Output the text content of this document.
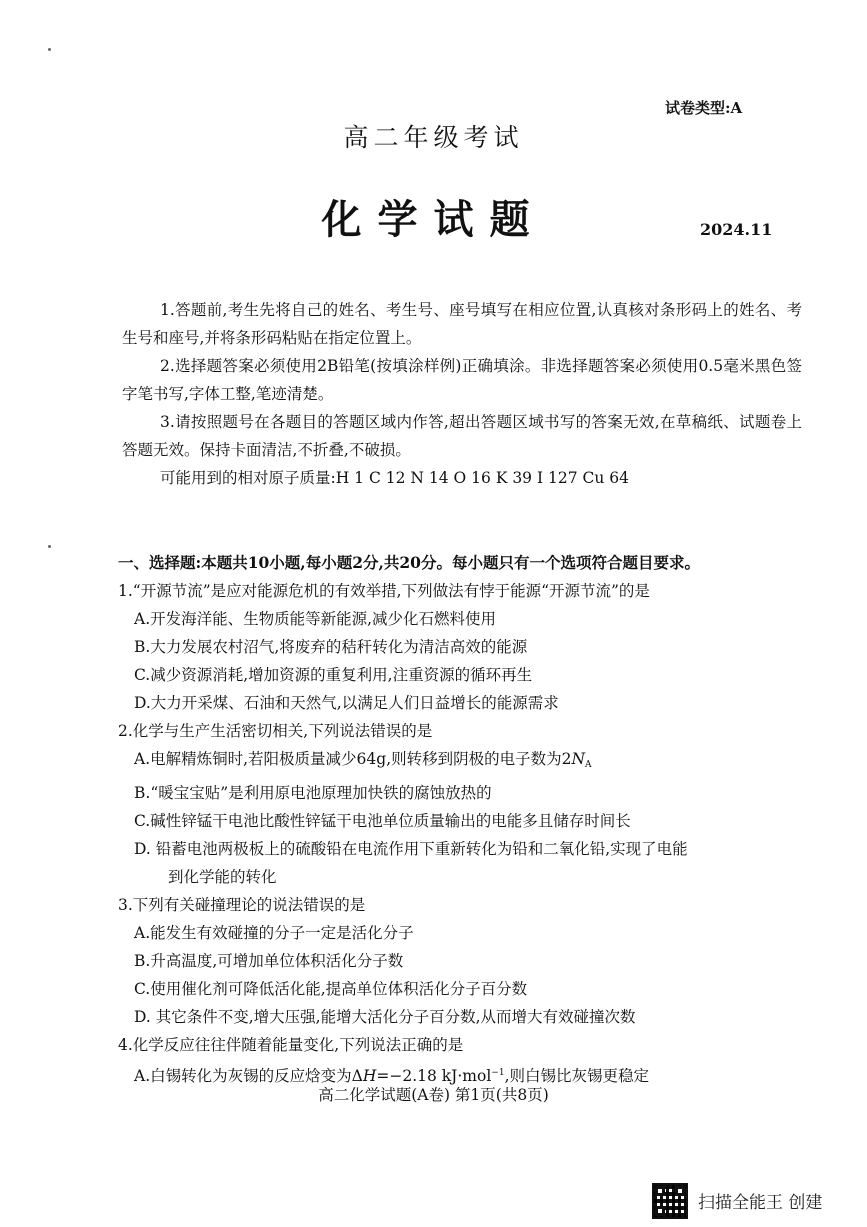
试卷类型:A
高二年级考试
化学试题	2024.11

1.答题前,考生先将自己的姓名、考生号、座号填写在相应位置,认真核对条形码上的姓名、考生号和座号,并将条形码粘贴在指定位置上。

2.选择题答案必须使用2B铅笔(按填涂样例)正确填涂。非选择题答案必须使用0.5毫米黑色签字笔书写,字体工整,笔迹清楚。

3.请按照题号在各题目的答题区域内作答,超出答题区域书写的答案无效,在草稿纸、试题卷上答题无效。保持卡面清洁,不折叠,不破损。

可能用到的相对原子质量:H 1 C 12 N 14 O 16 K 39 I 127 Cu 64

一、选择题:本题共10小题,每小题2分,共20分。每小题只有一个选项符合题目要求。

1.“开源节流”是应对能源危机的有效举措,下列做法有悖于能源“开源节流”的是

A.开发海洋能、生物质能等新能源,减少化石燃料使用

B.大力发展农村沼气,将废弃的秸秆转化为清洁高效的能源

C.减少资源消耗,增加资源的重复利用,注重资源的循环再生

D.大力开采煤、石油和天然气,以满足人们日益增长的能源需求

2.化学与生产生活密切相关,下列说法错误的是

A.电解精炼铜时,若阳极质量减少64g,则转移到阴极的电子数为$2N_A$

B.“暖宝宝贴”是利用原电池原理加快铁的腐蚀放热的

C.碱性锌锰干电池比酸性锌锰干电池单位质量输出的电能多且储存时间长

D. 铅蓄电池两极板上的硫酸铅在电流作用下重新转化为铅和二氧化铅,实现了电能
到化学能的转化

3.下列有关碰撞理论的说法错误的是

A.能发生有效碰撞的分子一定是活化分子

B.升高温度,可增加单位体积活化分子数

C.使用催化剂可降低活化能,提高单位体积活化分子百分数

D. 其它条件不变,增大压强,能增大活化分子百分数,从而增大有效碰撞次数

4.化学反应往往伴随着能量变化,下列说法正确的是

A.白锡转化为灰锡的反应焓变为ΔH=−2.18 kJ·mol$^{-1}$,则白锡比灰锡更稳定

高二化学试题(A卷) 第1页(共8页)
扫描全能王 创建
